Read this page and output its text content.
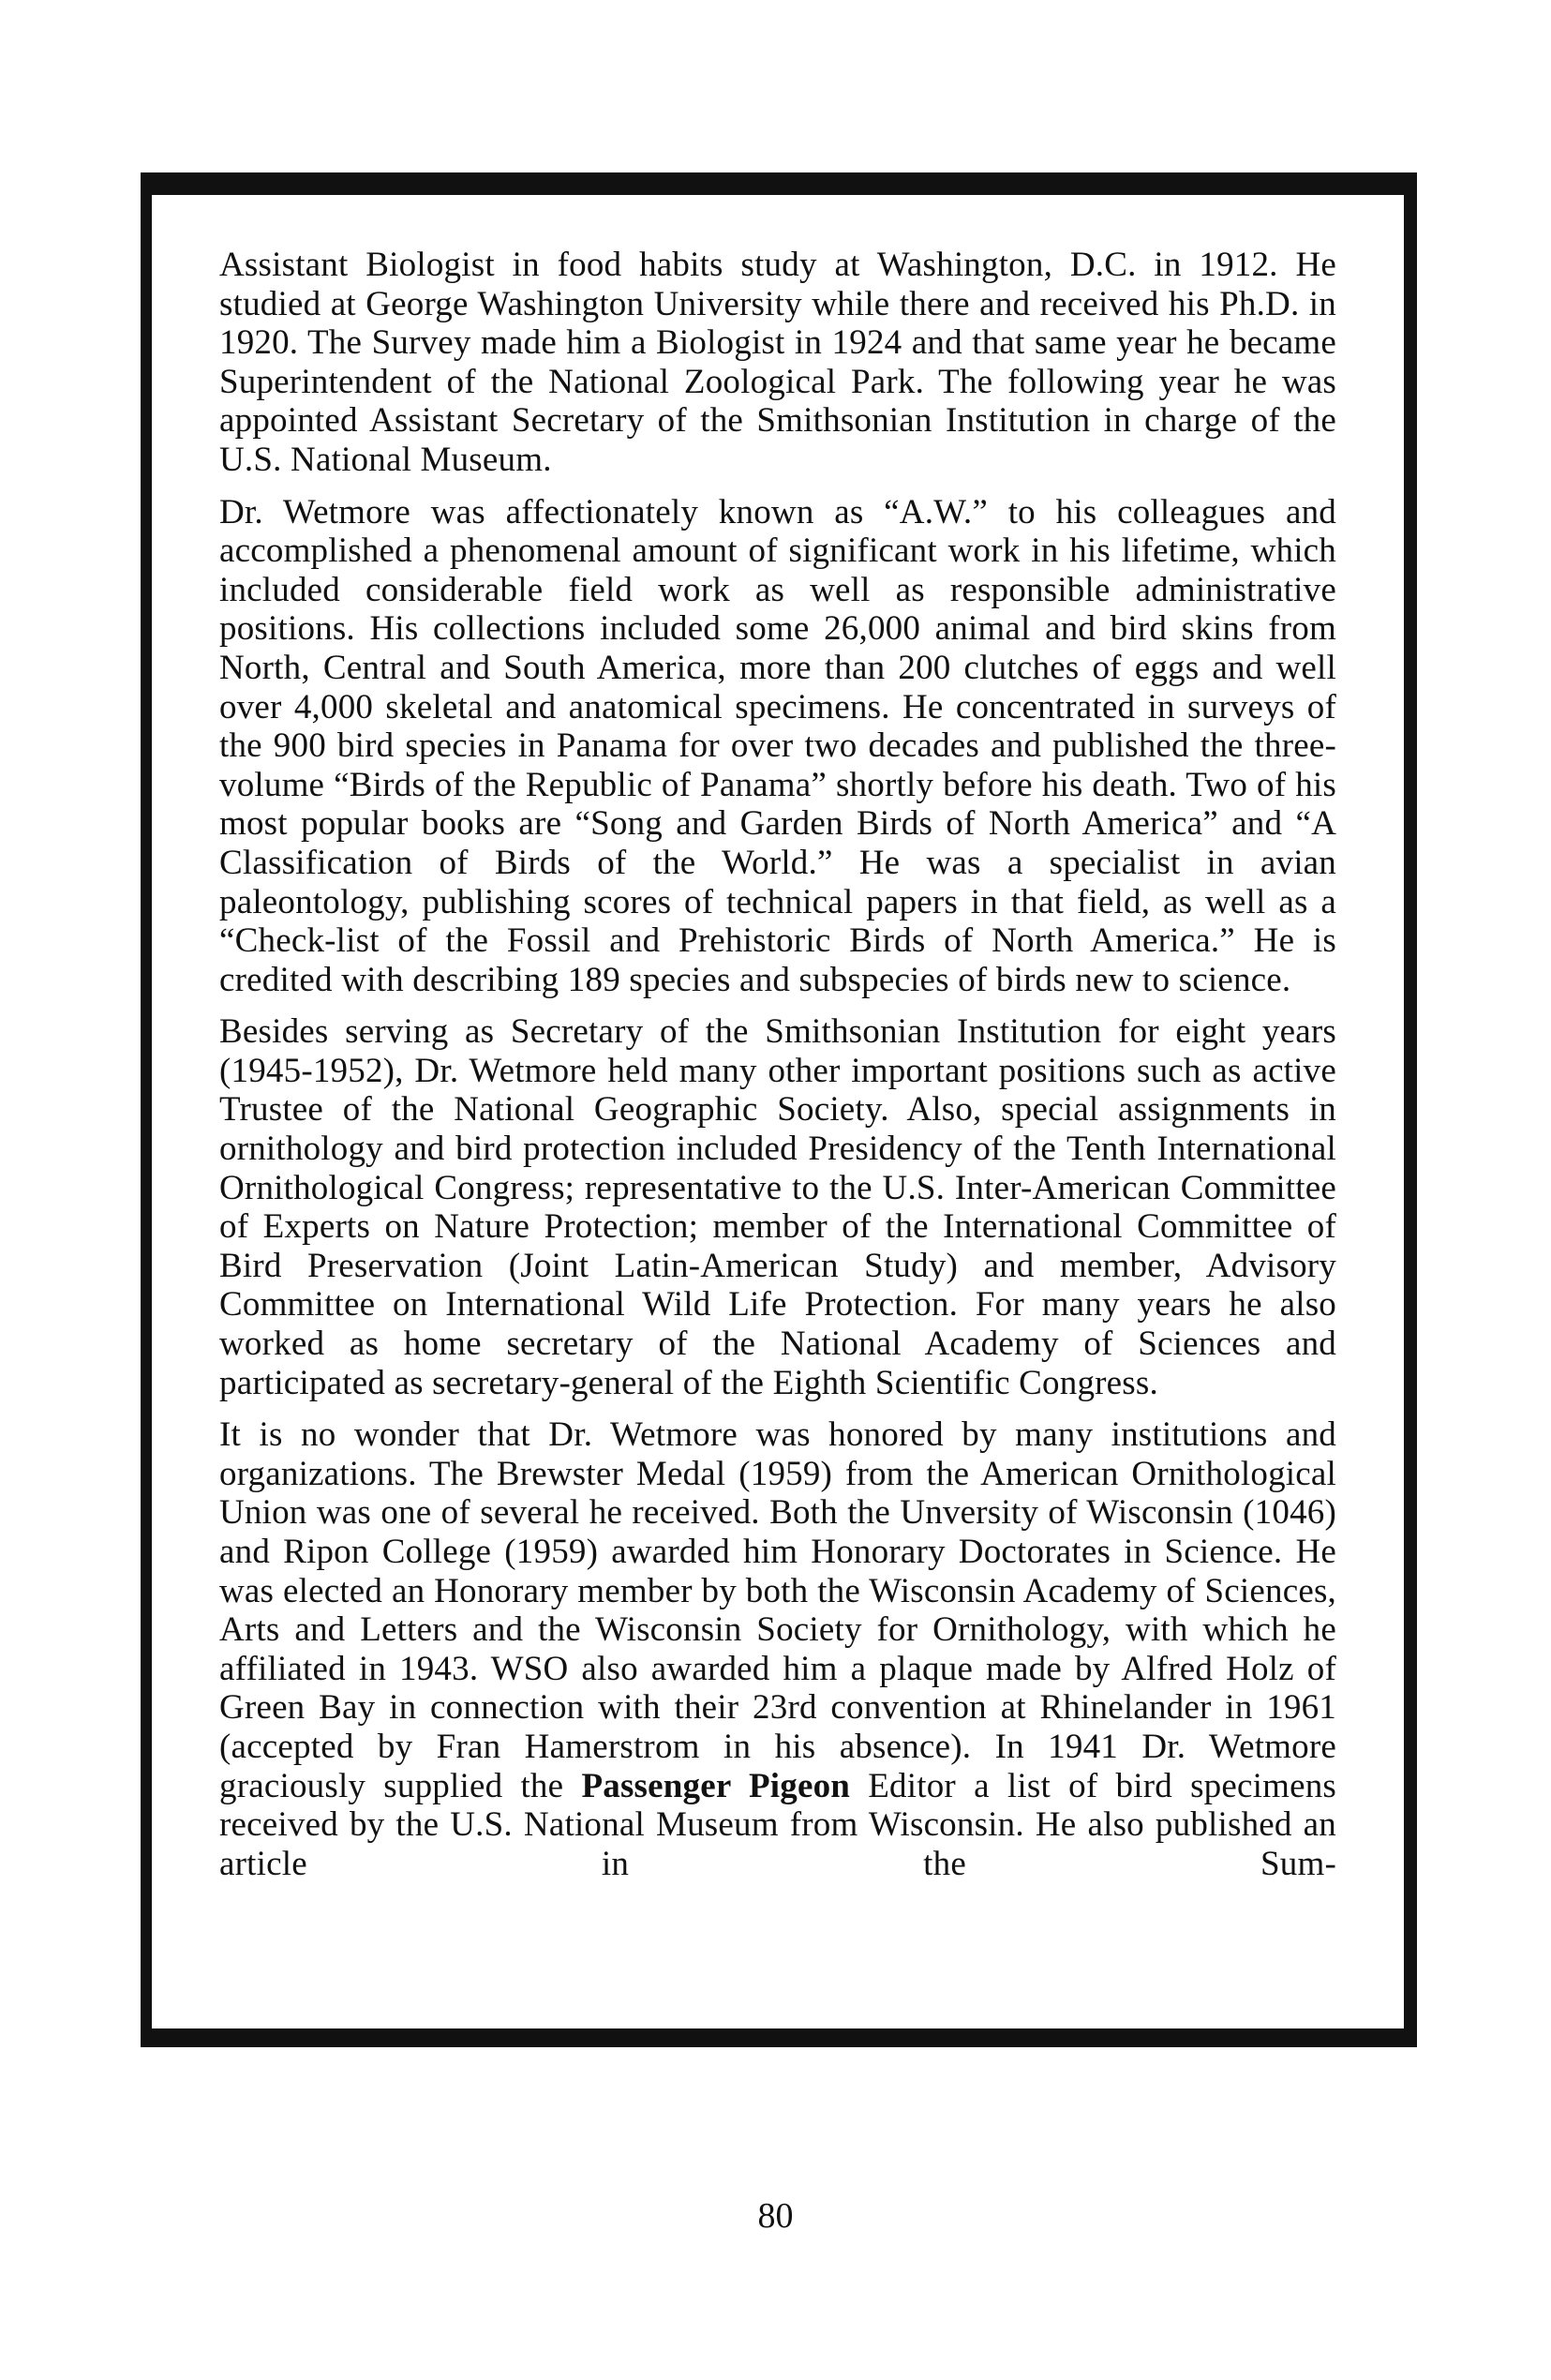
Assistant Biologist in food habits study at Washington, D.C. in 1912. He studied at George Washington University while there and received his Ph.D. in 1920. The Survey made him a Biologist in 1924 and that same year he became Superintendent of the National Zoological Park. The following year he was appointed Assistant Secretary of the Smithsonian Institution in charge of the U.S. National Museum.

Dr. Wetmore was affectionately known as “A.W.” to his colleagues and accomplished a phenomenal amount of significant work in his lifetime, which included considerable field work as well as responsible administrative positions. His collections included some 26,000 animal and bird skins from North, Central and South America, more than 200 clutches of eggs and well over 4,000 skeletal and anatomical specimens. He concentrated in surveys of the 900 bird species in Panama for over two decades and published the three-volume “Birds of the Republic of Panama” shortly before his death. Two of his most popular books are “Song and Garden Birds of North America” and “A Classification of Birds of the World.” He was a specialist in avian paleontology, publishing scores of technical papers in that field, as well as a “Check-list of the Fossil and Prehistoric Birds of North America.” He is credited with describing 189 species and subspecies of birds new to science.

Besides serving as Secretary of the Smithsonian Institution for eight years (1945-1952), Dr. Wetmore held many other important positions such as active Trustee of the National Geographic Society. Also, special assignments in ornithology and bird protection included Presidency of the Tenth International Ornithological Congress; representative to the U.S. Inter-American Committee of Experts on Nature Protection; member of the International Committee of Bird Preservation (Joint Latin-American Study) and member, Advisory Committee on International Wild Life Protection. For many years he also worked as home secretary of the National Academy of Sciences and participated as secretary-general of the Eighth Scientific Congress.

It is no wonder that Dr. Wetmore was honored by many institutions and organizations. The Brewster Medal (1959) from the American Ornithological Union was one of several he received. Both the Unversity of Wisconsin (1046) and Ripon College (1959) awarded him Honorary Doctorates in Science. He was elected an Honorary member by both the Wisconsin Academy of Sciences, Arts and Letters and the Wisconsin Society for Ornithology, with which he affiliated in 1943. WSO also awarded him a plaque made by Alfred Holz of Green Bay in connection with their 23rd convention at Rhinelander in 1961 (accepted by Fran Hamerstrom in his absence). In 1941 Dr. Wetmore graciously supplied the Passenger Pigeon Editor a list of bird specimens received by the U.S. National Museum from Wisconsin. He also published an article in the Sum-

80
